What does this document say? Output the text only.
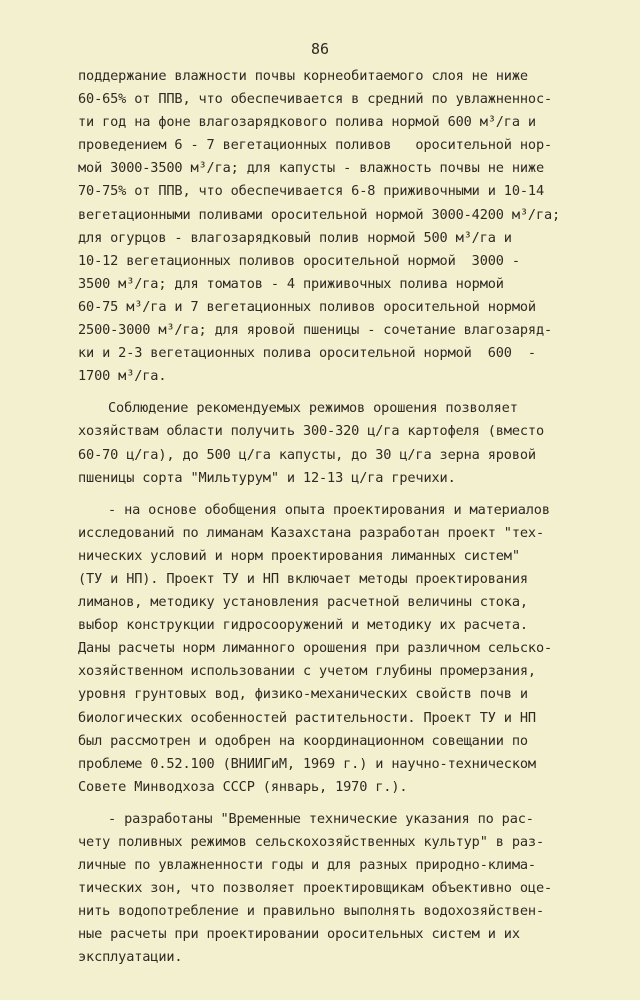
86
поддержание влажности почвы корнеобитаемого слоя не ниже
60-65% от ППВ, что обеспечивается в средний по увлажненнос-
ти год на фоне влагозарядкового полива нормой 600 м³/га и
проведением 6 - 7 вегетационных поливов   оросительной нор-
мой 3000-3500 м³/га; для капусты - влажность почвы не ниже
70-75% от ППВ, что обеспечивается 6-8 приживочными и 10-14
вегетационными поливами оросительной нормой 3000-4200 м³/га;
для огурцов - влагозарядковый полив нормой 500 м³/га и
10-12 вегетационных поливов оросительной нормой  3000 -
3500 м³/га; для томатов - 4 приживочных полива нормой
60-75 м³/га и 7 вегетационных поливов оросительной нормой
2500-3000 м³/га; для яровой пшеницы - сочетание влагозаряд-
ки и 2-3 вегетационных полива оросительной нормой  600  -
1700 м³/га.
Соблюдение рекомендуемых режимов орошения позволяет
хозяйствам области получить 300-320 ц/га картофеля (вместо
60-70 ц/га), до 500 ц/га капусты, до 30 ц/га зерна яровой
пшеницы сорта "Мильтурум" и 12-13 ц/га гречихи.
- на основе обобщения опыта проектирования и материалов
исследований по лиманам Казахстана разработан проект "тех-
нических условий и норм проектирования лиманных систем"
(ТУ и НП). Проект ТУ и НП включает методы проектирования
лиманов, методику установления расчетной величины стока,
выбор конструкции гидросооружений и методику их расчета.
Даны расчеты норм лиманного орошения при различном сельско-
хозяйственном использовании с учетом глубины промерзания,
уровня грунтовых вод, физико-механических свойств почв и
биологических особенностей растительности. Проект ТУ и НП
был рассмотрен и одобрен на координационном совещании по
проблеме 0.52.100 (ВНИИГиМ, 1969 г.) и научно-техническом
Совете Минводхоза СССР (январь, 1970 г.).
- разработаны "Временные технические указания по рас-
чету поливных режимов сельскохозяйственных культур" в раз-
личные по увлажненности годы и для разных природно-клима-
тических зон, что позволяет проектировщикам объективно оце-
нить водопотребление и правильно выполнять водохозяйствен-
ные расчеты при проектировании оросительных систем и их
эксплуатации.
